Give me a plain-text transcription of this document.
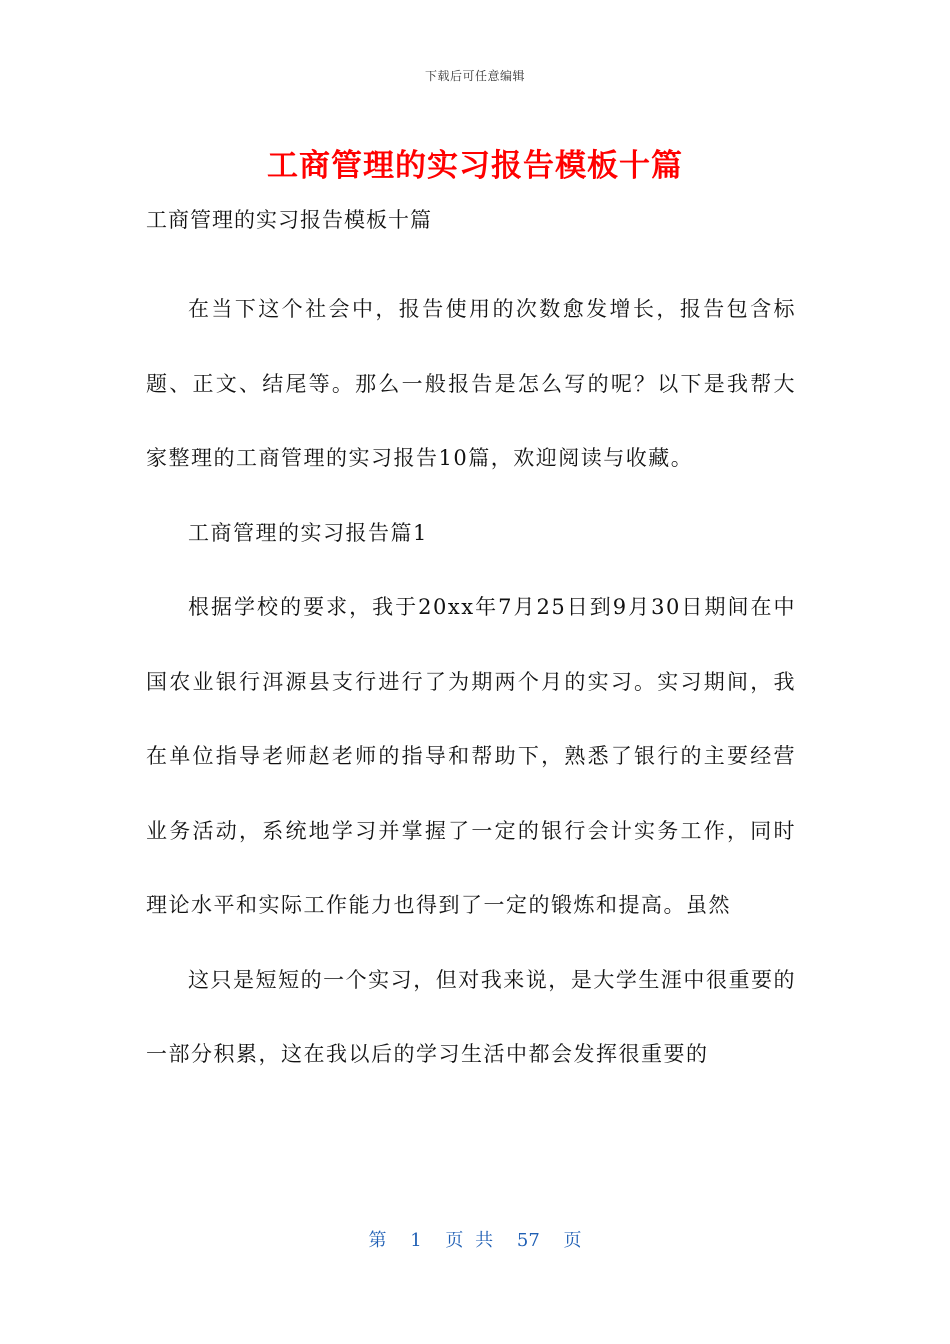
下载后可任意编辑
工商管理的实习报告模板十篇

工商管理的实习报告模板十篇

在当下这个社会中，报告使用的次数愈发增长，报告包含标题、正文、结尾等。那么一般报告是怎么写的呢？以下是我帮大家整理的工商管理的实习报告10篇，欢迎阅读与收藏。

工商管理的实习报告篇1

根据学校的要求，我于20xx年7月25日到9月30日期间在中国农业银行洱源县支行进行了为期两个月的实习。实习期间，我在单位指导老师赵老师的指导和帮助下，熟悉了银行的主要经营业务活动，系统地学习并掌握了一定的银行会计实务工作，同时理论水平和实际工作能力也得到了一定的锻炼和提高。虽然

这只是短短的一个实习，但对我来说，是大学生涯中很重要的一部分积累，这在我以后的学习生活中都会发挥很重要的

第 1 页 共 57 页
